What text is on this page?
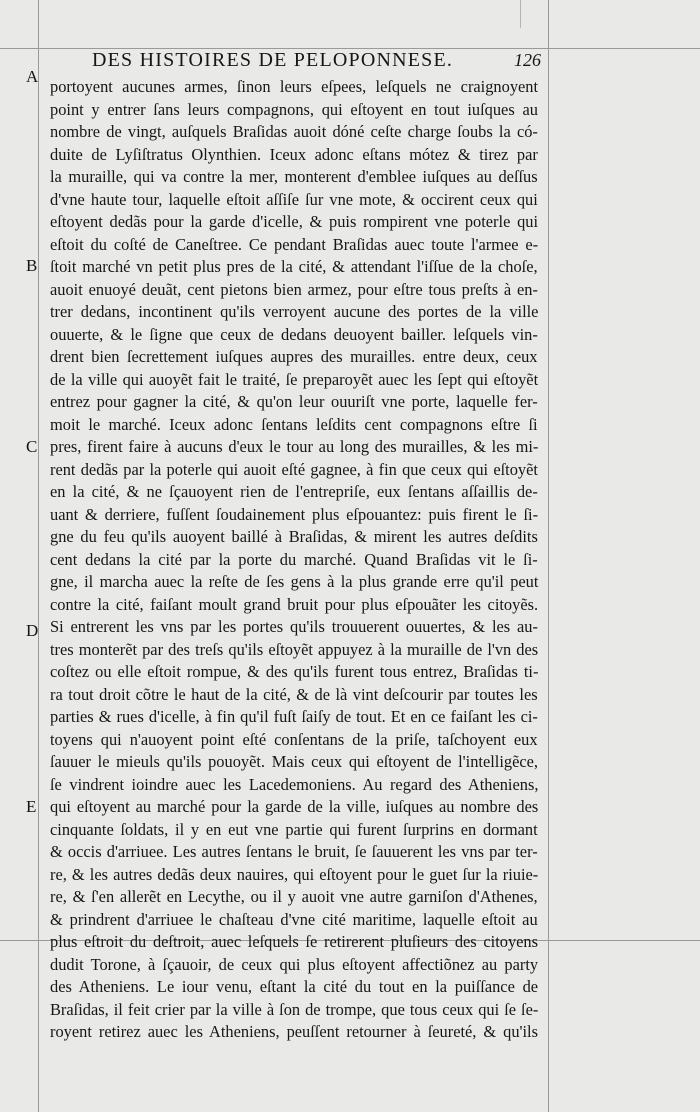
DES HISTOIRES DE PELOPONNESE.	126
A
B
C
D
E
portoyent aucunes armes, ſinon leurs eſpees, leſquels ne craignoyent
point y entrer ſans leurs compagnons, qui eſtoyent en tout iuſques au
nombre de vingt, auſquels Braſidas auoit dóné ceſte charge ſoubs la có-
duite de Lyſiſtratus Olynthien. Iceux adonc eſtans mótez & tirez par
la muraille, qui va contre la mer, monterent d'emblee iuſques au deſſus
d'vne haute tour, laquelle eſtoit aſſiſe ſur vne mote, & occirent ceux qui
eſtoyent dedãs pour la garde d'icelle, & puis rompirent vne poterle qui
eſtoit du coſté de Caneſtree. Ce pendant Braſidas auec toute l'armee e-
ſtoit marché vn petit plus pres de la cité, & attendant l'iſſue de la choſe,
auoit enuoyé deuãt, cent pietons bien armez, pour eſtre tous preſts à en-
trer dedans, incontinent qu'ils verroyent aucune des portes de la ville
ouuerte, & le ſigne que ceux de dedans deuoyent bailler. leſquels vin-
drent bien ſecrettement iuſques aupres des murailles. entre deux, ceux
de la ville qui auoyẽt fait le traité, ſe preparoyẽt auec les ſept qui eſtoyẽt
entrez pour gagner la cité, & qu'on leur ouuriſt vne porte, laquelle fer-
moit le marché. Iceux adonc ſentans leſdits cent compagnons eſtre ſi
pres, firent faire à aucuns d'eux le tour au long des murailles, & les mi-
rent dedãs par la poterle qui auoit eſté gagnee, à fin que ceux qui eſtoyẽt
en la cité, & ne ſçauoyent rien de l'entrepriſe, eux ſentans aſſaillis de-
uant & derriere, fuſſent ſoudainement plus eſpouantez: puis firent le ſi-
gne du feu qu'ils auoyent baillé à Braſidas, & mirent les autres deſdits
cent dedans la cité par la porte du marché. Quand Braſidas vit le ſi-
gne, il marcha auec la reſte de ſes gens à la plus grande erre qu'il peut
contre la cité, faiſant moult grand bruit pour plus eſpouãter les citoyẽs.
Si entrerent les vns par les portes qu'ils trouuerent ouuertes, & les au-
tres monterẽt par des treſs qu'ils eſtoyẽt appuyez à la muraille de l'vn des
coſtez ou elle eſtoit rompue, & des qu'ils furent tous entrez, Braſidas ti-
ra tout droit cõtre le haut de la cité, & de là vint deſcourir par toutes les
parties & rues d'icelle, à fin qu'il fuſt ſaiſy de tout. Et en ce faiſant les ci-
toyens qui n'auoyent point eſté conſentans de la priſe, taſchoyent eux
ſauuer le mieuls qu'ils pouoyẽt. Mais ceux qui eſtoyent de l'intelligẽce,
ſe vindrent ioindre auec les Lacedemoniens. Au regard des Atheniens,
qui eſtoyent au marché pour la garde de la ville, iuſques au nombre des
cinquante ſoldats, il y en eut vne partie qui furent ſurprins en dormant
& occis d'arriuee. Les autres ſentans le bruit, ſe ſauuerent les vns par ter-
re, & les autres dedãs deux nauires, qui eſtoyent pour le guet ſur la riuie-
re, & ſ'en allerẽt en Lecythe, ou il y auoit vne autre garniſon d'Athenes,
& prindrent d'arriuee le chaſteau d'vne cité maritime, laquelle eſtoit au
plus eſtroit du deſtroit, auec leſquels ſe retirerent pluſieurs des citoyens
dudit Torone, à ſçauoir, de ceux qui plus eſtoyent affectiõnez au party
des Atheniens. Le iour venu, eſtant la cité du tout en la puiſſance de
Braſidas, il feit crier par la ville à ſon de trompe, que tous ceux qui ſe ſe-
royent retirez auec les Atheniens, peuſſent retourner à ſeureté, & qu'ils
